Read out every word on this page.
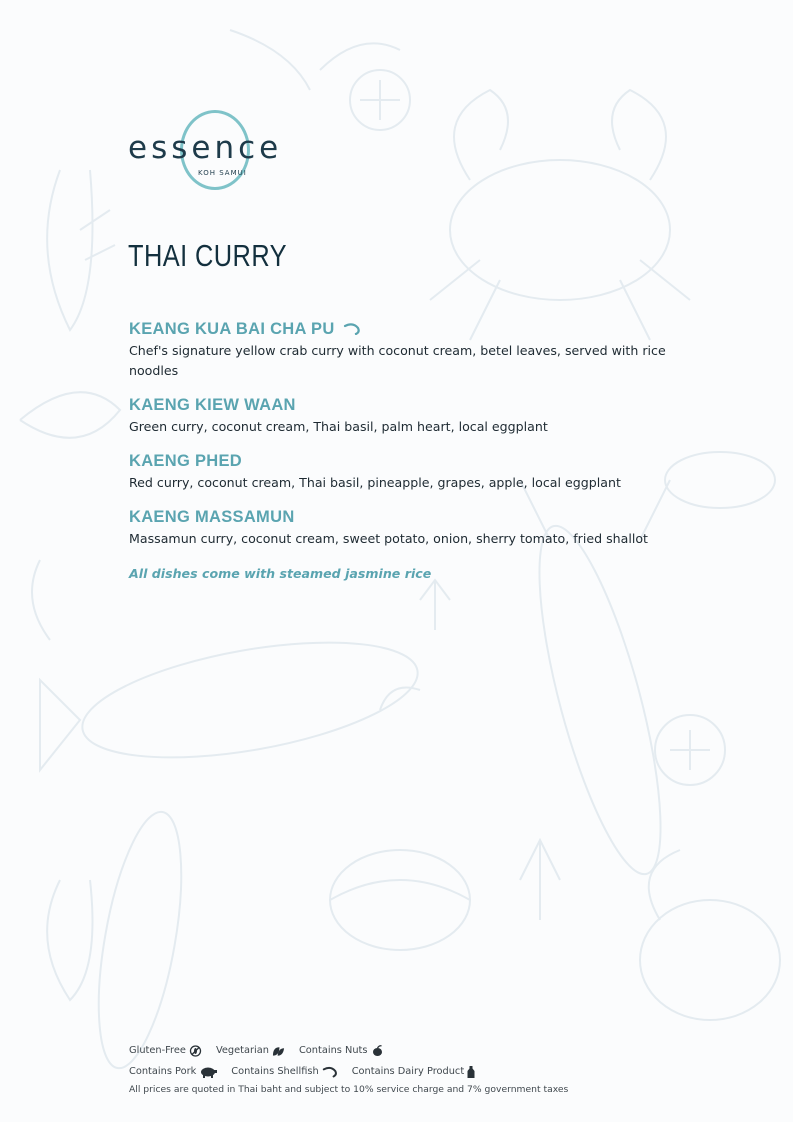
essence
KOH SAMUI
THAI CURRY
KEANG KUA BAI CHA PU
Chef's signature yellow crab curry with coconut cream, betel leaves, served with rice noodles
KAENG KIEW WAAN
Green curry, coconut cream, Thai basil, palm heart, local eggplant
KAENG PHED
Red curry, coconut cream, Thai basil, pineapple, grapes, apple, local eggplant
KAENG MASSAMUN
Massamun curry, coconut cream, sweet potato, onion, sherry tomato, fried shallot
All dishes come with steamed jasmine rice
Gluten-Free	Vegetarian	Contains Nuts
Contains Pork	Contains Shellfish	Contains Dairy Product
All prices are quoted in Thai baht and subject to 10% service charge and 7% government taxes
